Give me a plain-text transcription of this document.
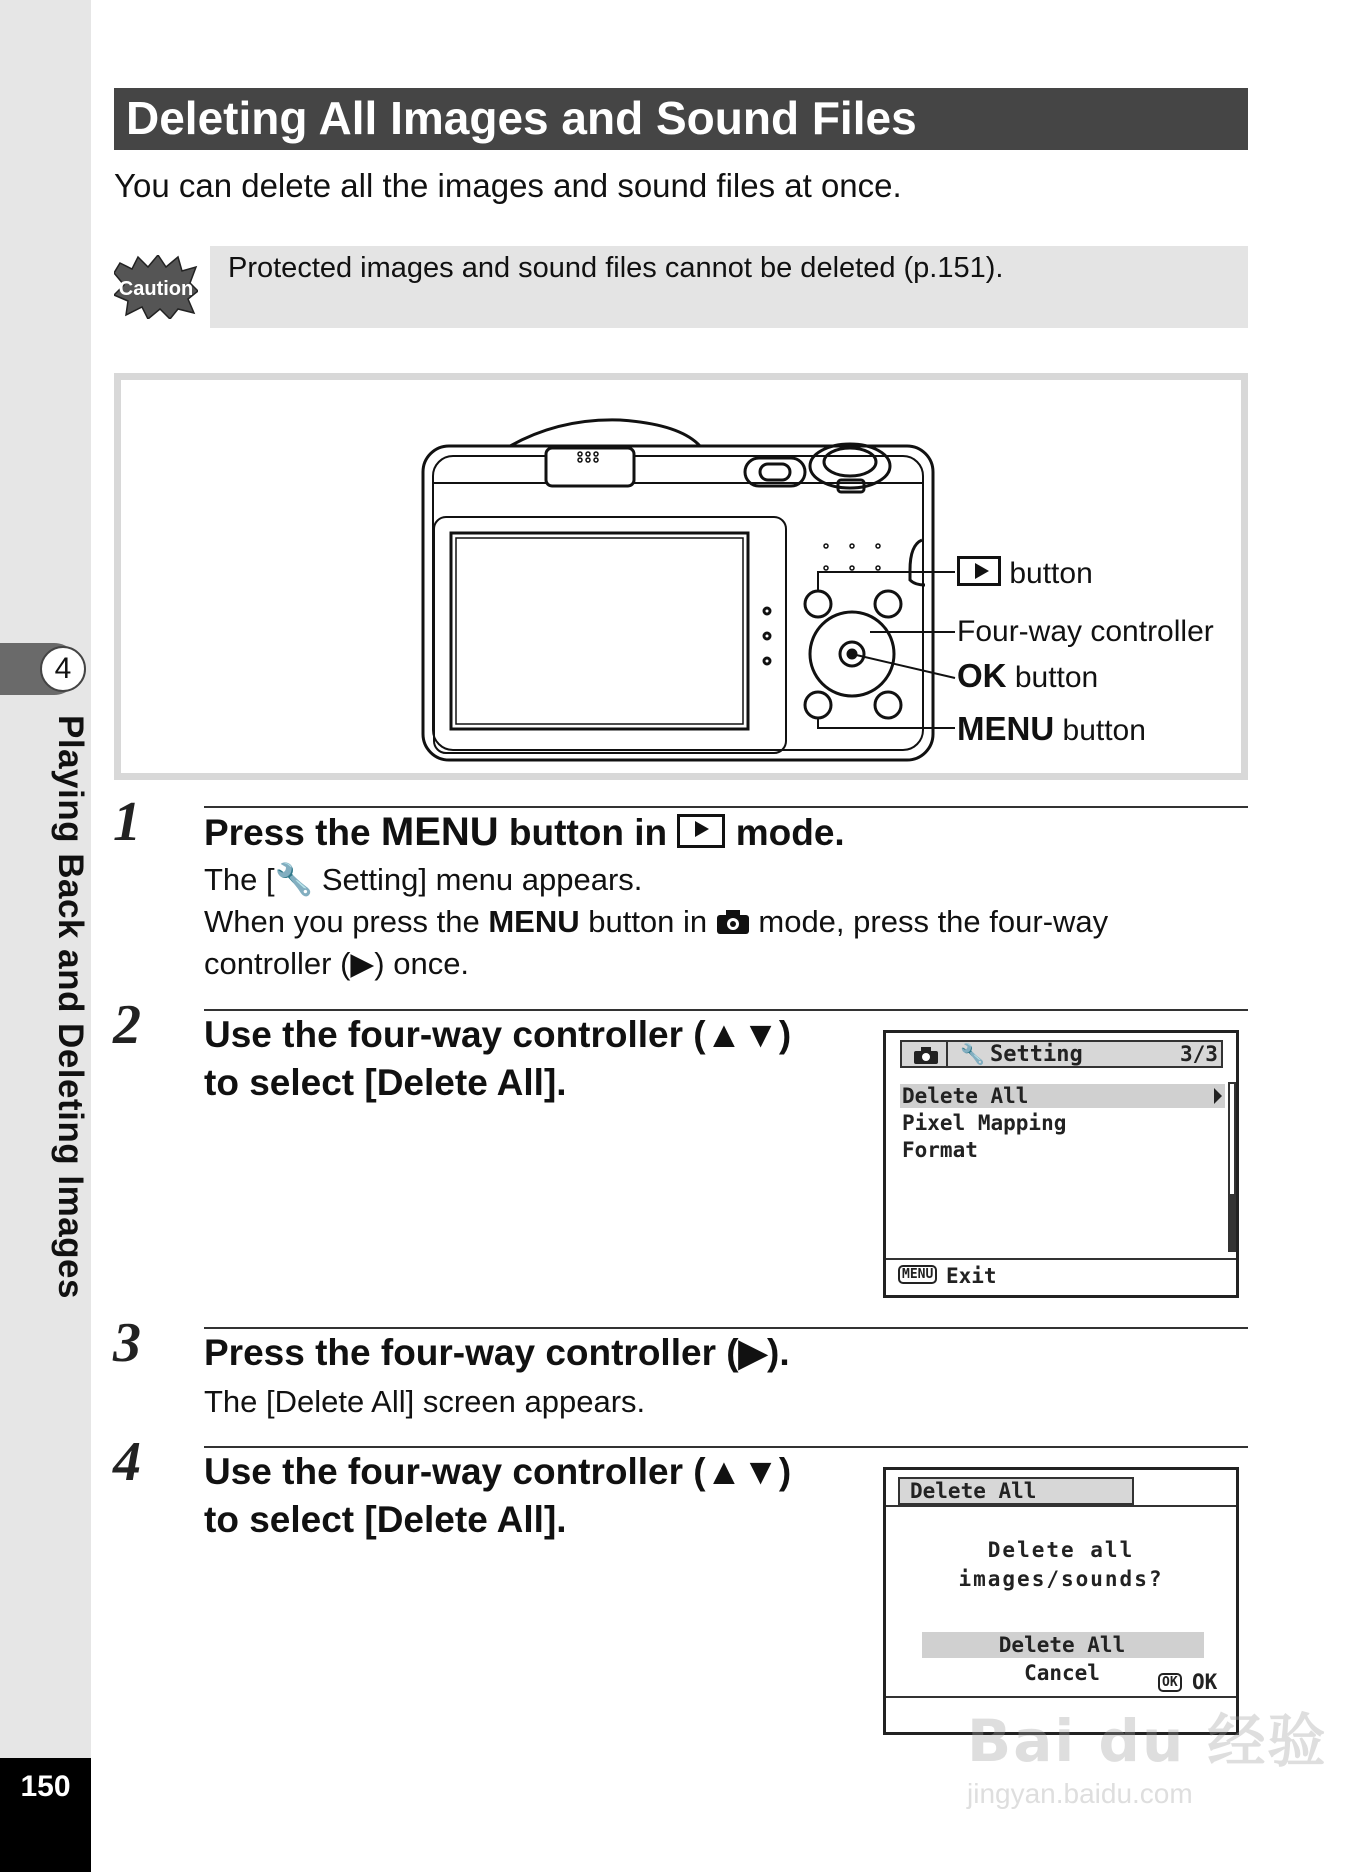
4
Playing Back and Deleting Images
150
Deleting All Images and Sound Files
You can delete all the images and sound files at once.
Caution
Protected images and sound files cannot be deleted (p.151).
button
Four-way controller
OK button
MENU button
1 Press the MENU button in  mode.
The [🔧 Setting] menu appears.
When you press the MENU button in  mode, press the four-way
controller (▶) once.
2 Use the four-way controller (▲▼)
to select [Delete All].
🔧 Setting	3/3
Delete All
Pixel Mapping
Format
MENU Exit
3 Press the four-way controller (▶).
The [Delete All] screen appears.
4 Use the four-way controller (▲▼)
to select [Delete All].
Delete All
Delete all
images/sounds?
Delete All
Cancel	OK OK
Bai du 经验
jingyan.baidu.com
